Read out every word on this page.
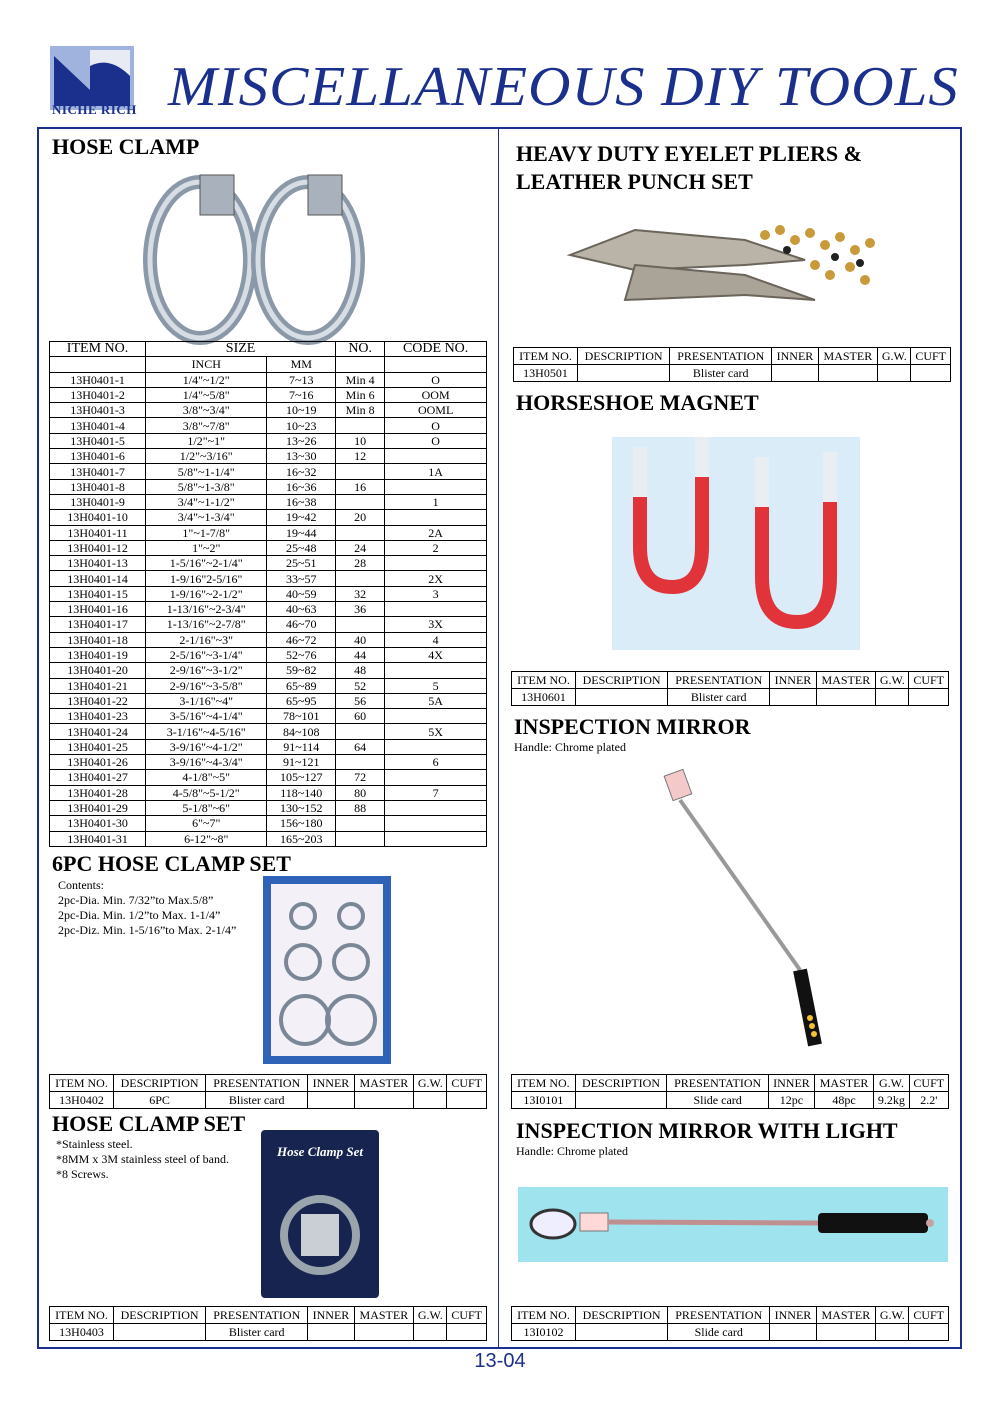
NICHE RICH MISCELLANEOUS DIY TOOLS
HOSE CLAMP
ITEM NO.	SIZE		NO.	CODE NO.
	INCH	MM		
13H0401-1	1/4"~1/2"	7~13	Min 4	O
13H0401-2	1/4"~5/8"	7~16	Min 6	OOM
13H0401-3	3/8"~3/4"	10~19	Min 8	OOML
13H0401-4	3/8"~7/8"	10~23		O
13H0401-5	1/2"~1"	13~26	10	O
13H0401-6	1/2"~3/16"	13~30	12	
13H0401-7	5/8"~1-1/4"	16~32		1A
13H0401-8	5/8"~1-3/8"	16~36	16	
13H0401-9	3/4"~1-1/2"	16~38		1
13H0401-10	3/4"~1-3/4"	19~42	20	
13H0401-11	1"~1-7/8"	19~44		2A
13H0401-12	1"~2"	25~48	24	2
13H0401-13	1-5/16"~2-1/4"	25~51	28	
13H0401-14	1-9/16"2-5/16"	33~57		2X
13H0401-15	1-9/16"~2-1/2"	40~59	32	3
13H0401-16	1-13/16"~2-3/4"	40~63	36	
13H0401-17	1-13/16"~2-7/8"	46~70		3X
13H0401-18	2-1/16"~3"	46~72	40	4
13H0401-19	2-5/16"~3-1/4"	52~76	44	4X
13H0401-20	2-9/16"~3-1/2"	59~82	48	
13H0401-21	2-9/16"~3-5/8"	65~89	52	5
13H0401-22	3-1/16"~4"	65~95	56	5A
13H0401-23	3-5/16"~4-1/4"	78~101	60	
13H0401-24	3-1/16"~4-5/16"	84~108		5X
13H0401-25	3-9/16"~4-1/2"	91~114	64	
13H0401-26	3-9/16"~4-3/4"	91~121		6
13H0401-27	4-1/8"~5"	105~127	72	
13H0401-28	4-5/8"~5-1/2"	118~140	80	7
13H0401-29	5-1/8"~6"	130~152	88	
13H0401-30	6"~7"	156~180		
13H0401-31	6-12"~8"	165~203		
6PC HOSE CLAMP SET
Contents:
2pc-Dia. Min. 7/32”to Max.5/8”
2pc-Dia. Min. 1/2”to Max. 1-1/4”
2pc-Diz. Min. 1-5/16”to Max. 2-1/4”
ITEM NO.	DESCRIPTION	PRESENTATION	INNER	MASTER	G.W.	CUFT
13H0402	6PC	Blister card				
HOSE CLAMP SET
*Stainless steel.
*8MM x 3M stainless steel of band.
*8 Screws.
Hose Clamp Set
ITEM NO.	DESCRIPTION	PRESENTATION	INNER	MASTER	G.W.	CUFT
13H0403		Blister card				
HEAVY DUTY EYELET PLIERS &
LEATHER PUNCH SET
ITEM NO.	DESCRIPTION	PRESENTATION	INNER	MASTER	G.W.	CUFT
13H0501		Blister card				
HORSESHOE MAGNET
ITEM NO.	DESCRIPTION	PRESENTATION	INNER	MASTER	G.W.	CUFT
13H0601		Blister card				
INSPECTION MIRROR
Handle: Chrome plated
ITEM NO.	DESCRIPTION	PRESENTATION	INNER	MASTER	G.W.	CUFT
13I0101		Slide card	12pc	48pc	9.2kg	2.2'
INSPECTION MIRROR WITH LIGHT
Handle: Chrome plated
ITEM NO.	DESCRIPTION	PRESENTATION	INNER	MASTER	G.W.	CUFT
13I0102		Slide card				
13-04
